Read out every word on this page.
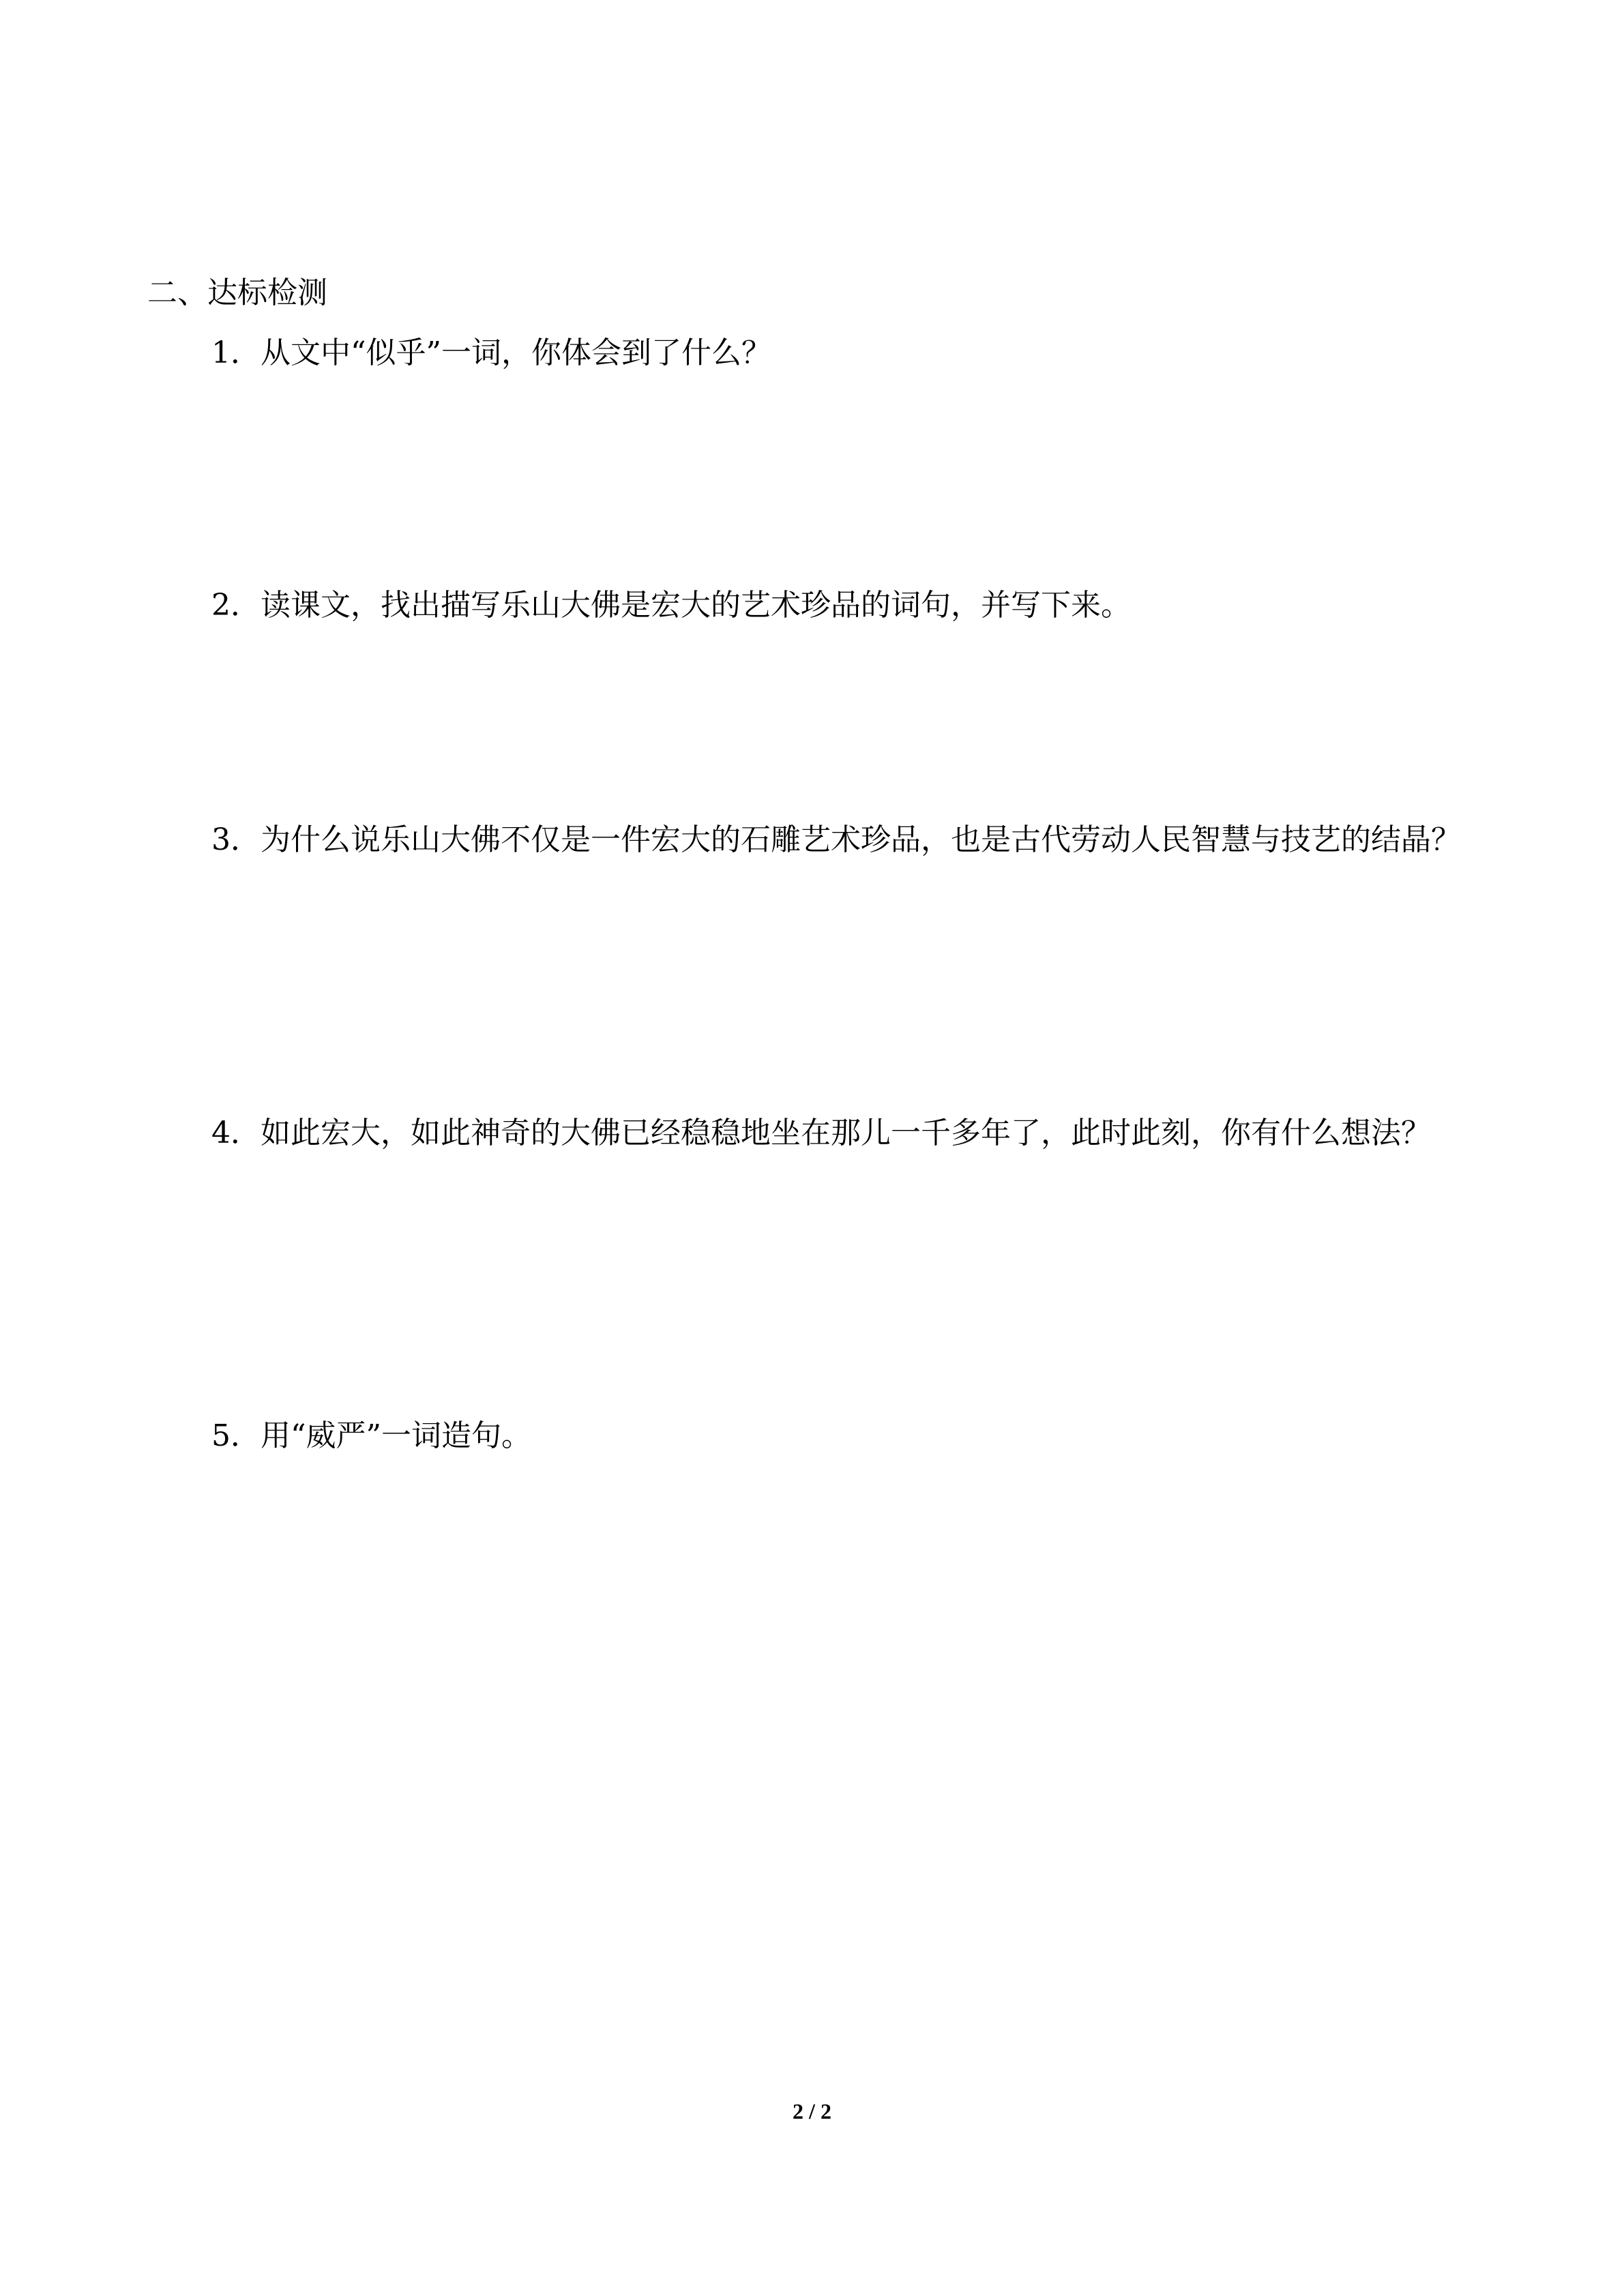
二、达标检测
1．从文中“似乎”一词，你体会到了什么？
2．读课文，找出描写乐山大佛是宏大的艺术珍品的词句，并写下来。
3．为什么说乐山大佛不仅是一件宏大的石雕艺术珍品，也是古代劳动人民智慧与技艺的结晶？
4．如此宏大，如此神奇的大佛已经稳稳地坐在那儿一千多年了，此时此刻，你有什么想法？
5．用“威严”一词造句。
2 / 2
